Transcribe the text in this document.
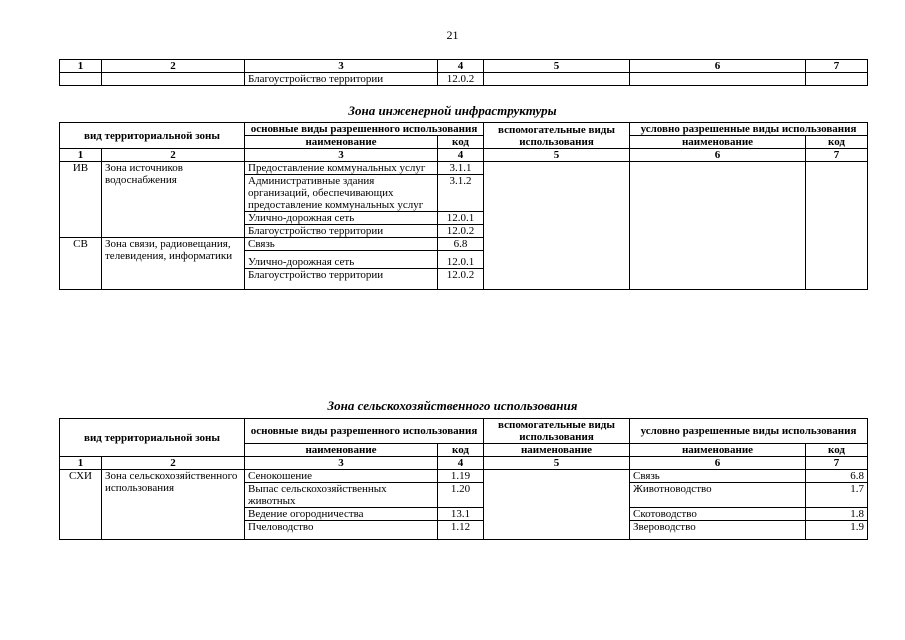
21
1	2	3	4	5	6	7
		Благоустройство территории	12.0.2			
Зона инженерной инфраструктуры
вид территориальной зоны		основные виды разрешенного использования		вспомогательные виды использования	условно разрешенные виды использования	
		наименование	код		наименование	код
1	2	3	4	5	6	7
ИВ	Зона источников водоснабжения	Предоставление коммунальных услуг	3.1.1			
		Административные здания организаций, обеспечивающих предоставление коммунальных услуг	3.1.2			
		Улично-дорожная сеть	12.0.1			
		Благоустройство территории	12.0.2			
СВ	Зона связи, радиовещания, телевидения, информатики	Связь	6.8			
		Улично-дорожная сеть	12.0.1			
		Благоустройство территории	12.0.2			
Зона сельскохозяйственного использования
вид территориальной зоны		основные виды разрешенного использования		вспомогательные виды использования	условно разрешенные виды использования	
		наименование	код	наименование	наименование	код
1	2	3	4	5	6	7
СХИ	Зона сельскохозяйственного использования	Сенокошение	1.19		Связь	6.8
		Выпас сельскохозяйственных животных	1.20		Животноводство	1.7
		Ведение огородничества	13.1		Скотоводство	1.8
		Пчеловодство	1.12		Звероводство	1.9
